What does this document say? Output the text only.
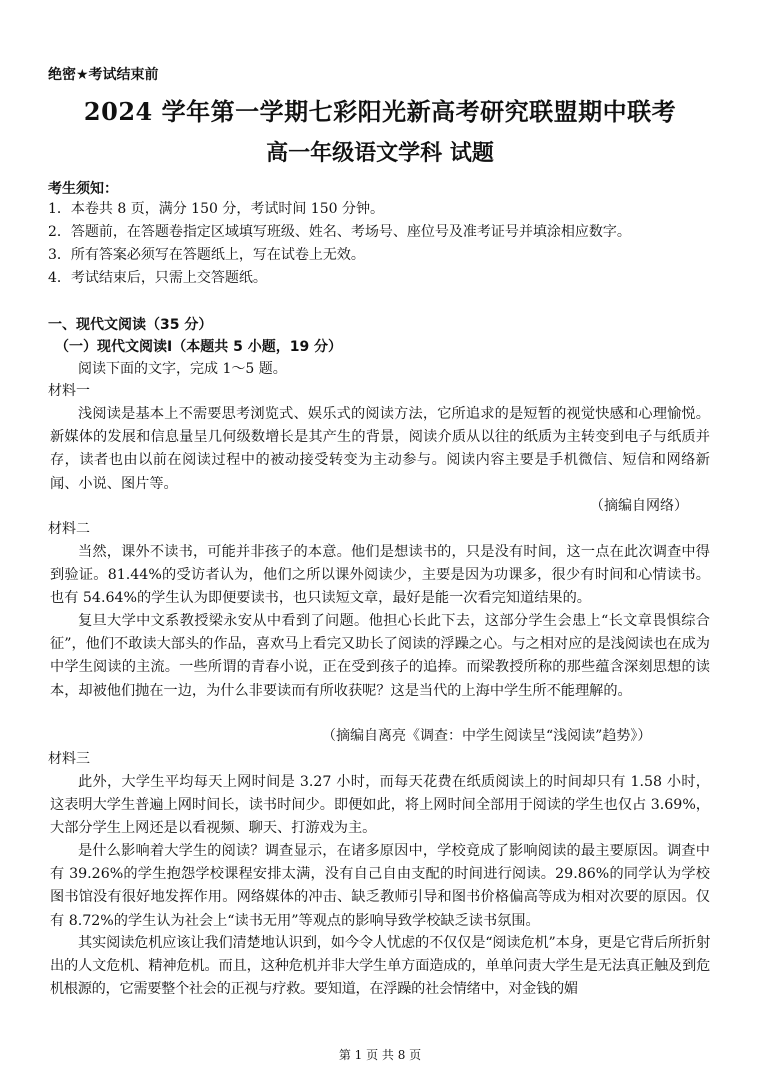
绝密★考试结束前
2024 学年第一学期七彩阳光新高考研究联盟期中联考
高一年级语文学科 试题
考生须知：
1．本卷共 8 页，满分 150 分，考试时间 150 分钟。
2．答题前，在答题卷指定区域填写班级、姓名、考场号、座位号及准考证号并填涂相应数字。
3．所有答案必须写在答题纸上，写在试卷上无效。
4．考试结束后，只需上交答题纸。
一、现代文阅读（35 分）
（一）现代文阅读Ⅰ（本题共 5 小题，19 分）
阅读下面的文字，完成 1～5 题。
材料一
浅阅读是基本上不需要思考浏览式、娱乐式的阅读方法，它所追求的是短暂的视觉快感和心理愉悦。新媒体的发展和信息量呈几何级数增长是其产生的背景，阅读介质从以往的纸质为主转变到电子与纸质并存，读者也由以前在阅读过程中的被动接受转变为主动参与。阅读内容主要是手机微信、短信和网络新闻、小说、图片等。
（摘编自网络）
材料二
当然，课外不读书，可能并非孩子的本意。他们是想读书的，只是没有时间，这一点在此次调查中得到验证。81.44%的受访者认为，他们之所以课外阅读少，主要是因为功课多，很少有时间和心情读书。也有 54.64%的学生认为即便要读书，也只读短文章，最好是能一次看完知道结果的。
复旦大学中文系教授梁永安从中看到了问题。他担心长此下去，这部分学生会患上“长文章畏惧综合征”，他们不敢读大部头的作品，喜欢马上看完又助长了阅读的浮躁之心。与之相对应的是浅阅读也在成为中学生阅读的主流。一些所谓的青春小说，正在受到孩子的追捧。而梁教授所称的那些蕴含深刻思想的读本，却被他们抛在一边，为什么非要读而有所收获呢？这是当代的上海中学生所不能理解的。
（摘编自离亮《调查：中学生阅读呈“浅阅读”趋势》）
材料三
此外，大学生平均每天上网时间是 3.27 小时，而每天花费在纸质阅读上的时间却只有 1.58 小时，这表明大学生普遍上网时间长，读书时间少。即便如此，将上网时间全部用于阅读的学生也仅占 3.69%，大部分学生上网还是以看视频、聊天、打游戏为主。
是什么影响着大学生的阅读？调查显示，在诸多原因中，学校竟成了影响阅读的最主要原因。调查中有 39.26%的学生抱怨学校课程安排太满，没有自己自由支配的时间进行阅读。29.86%的同学认为学校图书馆没有很好地发挥作用。网络媒体的冲击、缺乏教师引导和图书价格偏高等成为相对次要的原因。仅有 8.72%的学生认为社会上“读书无用”等观点的影响导致学校缺乏读书氛围。
其实阅读危机应该让我们清楚地认识到，如今令人忧虑的不仅仅是“阅读危机”本身，更是它背后所折射出的人文危机、精神危机。而且，这种危机并非大学生单方面造成的，单单问责大学生是无法真正触及到危机根源的，它需要整个社会的正视与疗救。要知道，在浮躁的社会情绪中，对金钱的媚
第 1 页 共 8 页
